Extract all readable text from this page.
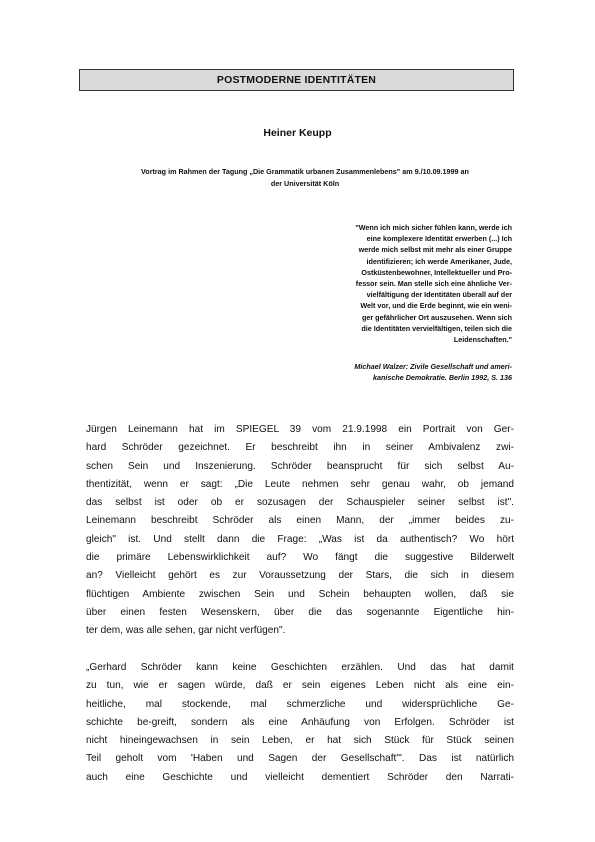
POSTMODERNE IDENTITÄTEN
Heiner Keupp
Vortrag im Rahmen der Tagung „Die Grammatik urbanen Zusammenlebens" am 9./10.09.1999 an
der Universität Köln
"Wenn ich mich sicher fühlen kann, werde ich
eine komplexere Identität erwerben (...) Ich
werde mich selbst mit mehr als einer Gruppe
identifizieren; ich werde Amerikaner, Jude,
Ostküstenbewohner, Intellektueller und Pro-
fessor sein. Man stelle sich eine ähnliche Ver-
vielfältigung der Identitäten überall auf der
Welt vor, und die Erde beginnt, wie ein weni-
ger gefährlicher Ort auszusehen. Wenn sich
die Identitäten vervielfältigen, teilen sich die
Leidenschaften."
Michael Walzer: Zivile Gesellschaft und ameri-
kanische Demokratie. Berlin 1992, S. 136
Jürgen Leinemann hat im SPIEGEL 39 vom 21.9.1998 ein Portrait von Ger-
hard Schröder gezeichnet. Er beschreibt ihn in seiner Ambivalenz zwi-
schen Sein und Inszenierung. Schröder beansprucht für sich selbst Au-
thentizität, wenn er sagt: „Die Leute nehmen sehr genau wahr, ob jemand
das selbst ist oder ob er sozusagen der Schauspieler seiner selbst ist".
Leinemann beschreibt Schröder als einen Mann, der „immer beides zu-
gleich" ist. Und stellt dann die Frage: „Was ist da authentisch? Wo hört
die primäre Lebenswirklichkeit auf? Wo fängt die suggestive Bilderwelt
an? Vielleicht gehört es zur Voraussetzung der Stars, die sich in diesem
flüchtigen Ambiente zwischen Sein und Schein behaupten wollen, daß sie
über einen festen Wesenskern, über die das sogenannte Eigentliche hin-
ter dem, was alle sehen, gar nicht verfügen".
„Gerhard Schröder kann keine Geschichten erzählen. Und das hat damit
zu tun, wie er sagen würde, daß er sein eigenes Leben nicht als eine ein-
heitliche, mal stockende, mal schmerzliche und widersprüchliche Ge-
schichte be-greift, sondern als eine Anhäufung von Erfolgen. Schröder ist
nicht hineingewachsen in sein Leben, er hat sich Stück für Stück seinen
Teil geholt vom 'Haben und Sagen der Gesellschaft'". Das ist natürlich
auch eine Geschichte und vielleicht dementiert Schröder den Narrati-
